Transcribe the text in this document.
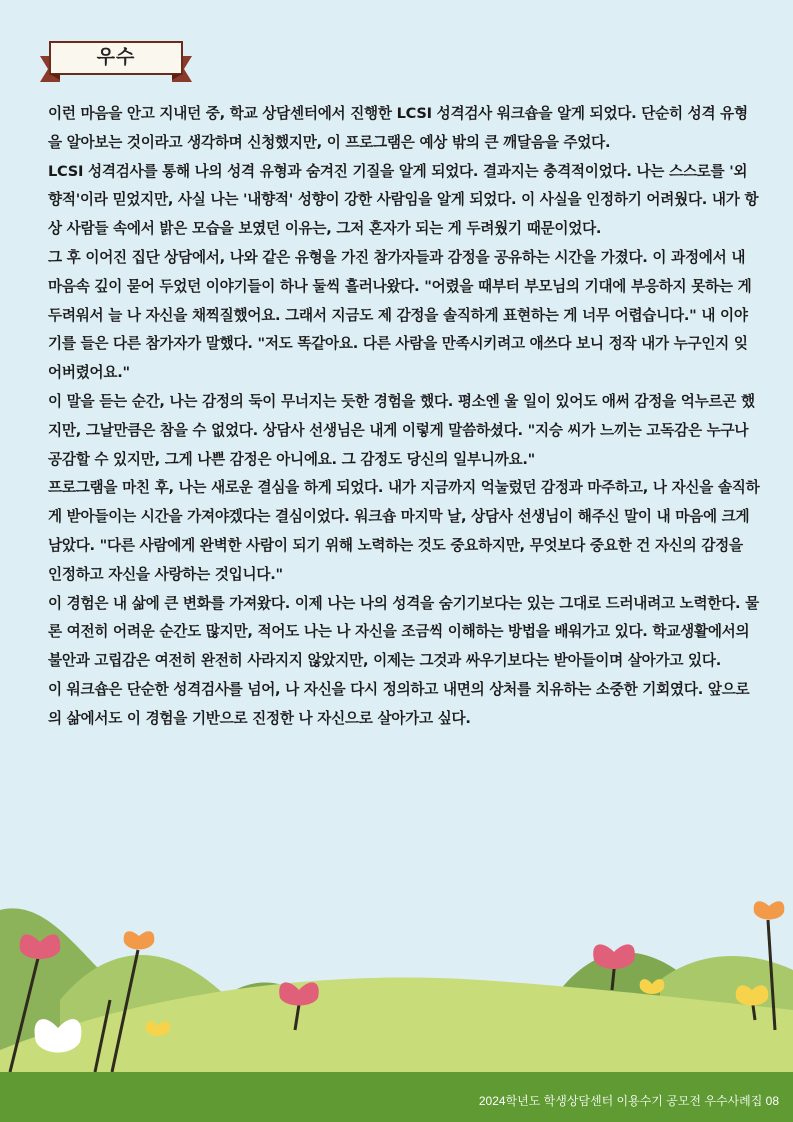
우수

이런 마음을 안고 지내던 중, 학교 상담센터에서 진행한 LCSI 성격검사 워크숍을 알게 되었다. 단순히 성격 유형을 알아보는 것이라고 생각하며 신청했지만, 이 프로그램은 예상 밖의 큰 깨달음을 주었다.

LCSI 성격검사를 통해 나의 성격 유형과 숨겨진 기질을 알게 되었다. 결과지는 충격적이었다. 나는 스스로를 '외향적'이라 믿었지만, 사실 나는 '내향적' 성향이 강한 사람임을 알게 되었다. 이 사실을 인정하기 어려웠다. 내가 항상 사람들 속에서 밝은 모습을 보였던 이유는, 그저 혼자가 되는 게 두려웠기 때문이었다.

그 후 이어진 집단 상담에서, 나와 같은 유형을 가진 참가자들과 감정을 공유하는 시간을 가졌다. 이 과정에서 내 마음속 깊이 묻어 두었던 이야기들이 하나 둘씩 흘러나왔다. "어렸을 때부터 부모님의 기대에 부응하지 못하는 게 두려워서 늘 나 자신을 채찍질했어요. 그래서 지금도 제 감정을 솔직하게 표현하는 게 너무 어렵습니다." 내 이야기를 들은 다른 참가자가 말했다. "저도 똑같아요. 다른 사람을 만족시키려고 애쓰다 보니 정작 내가 누구인지 잊어버렸어요."

이 말을 듣는 순간, 나는 감정의 둑이 무너지는 듯한 경험을 했다. 평소엔 울 일이 있어도 애써 감정을 억누르곤 했지만, 그날만큼은 참을 수 없었다. 상담사 선생님은 내게 이렇게 말씀하셨다. "지승 씨가 느끼는 고독감은 누구나 공감할 수 있지만, 그게 나쁜 감정은 아니에요. 그 감정도 당신의 일부니까요."

프로그램을 마친 후, 나는 새로운 결심을 하게 되었다. 내가 지금까지 억눌렀던 감정과 마주하고, 나 자신을 솔직하게 받아들이는 시간을 가져야겠다는 결심이었다. 워크숍 마지막 날, 상담사 선생님이 해주신 말이 내 마음에 크게 남았다. "다른 사람에게 완벽한 사람이 되기 위해 노력하는 것도 중요하지만, 무엇보다 중요한 건 자신의 감정을 인정하고 자신을 사랑하는 것입니다."

이 경험은 내 삶에 큰 변화를 가져왔다. 이제 나는 나의 성격을 숨기기보다는 있는 그대로 드러내려고 노력한다. 물론 여전히 어려운 순간도 많지만, 적어도 나는 나 자신을 조금씩 이해하는 방법을 배워가고 있다. 학교생활에서의 불안과 고립감은 여전히 완전히 사라지지 않았지만, 이제는 그것과 싸우기보다는 받아들이며 살아가고 있다.

이 워크숍은 단순한 성격검사를 넘어, 나 자신을 다시 정의하고 내면의 상처를 치유하는 소중한 기회였다. 앞으로의 삶에서도 이 경험을 기반으로 진정한 나 자신으로 살아가고 싶다.

2024학년도 학생상담센터 이용수기 공모전 우수사례집 08
